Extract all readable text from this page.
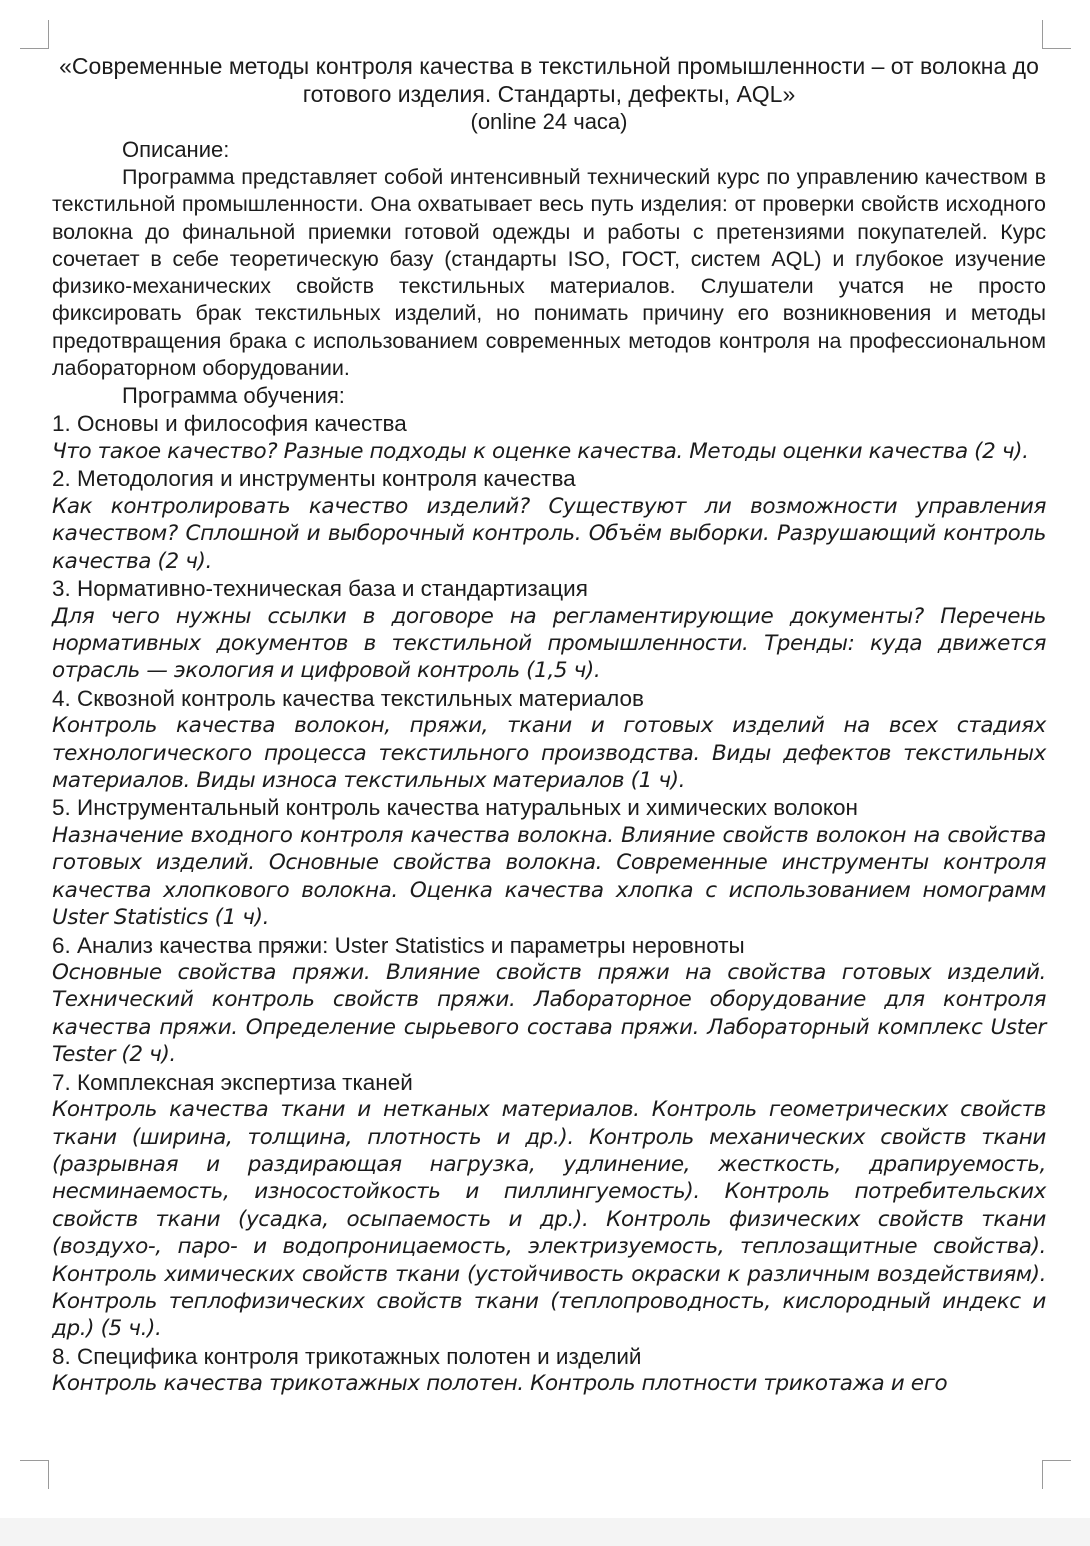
«Современные методы контроля качества в текстильной промышленности – от волокна до готового изделия. Стандарты, дефекты, AQL»

(online 24 часа)

Описание:

Программа представляет собой интенсивный технический курс по управлению качеством в текстильной промышленности. Она охватывает весь путь изделия: от проверки свойств исходного волокна до финальной приемки готовой одежды и работы с претензиями покупателей. Курс сочетает в себе теоретическую базу (стандарты ISO, ГОСТ, систем AQL) и глубокое изучение физико-механических свойств текстильных материалов. Слушатели учатся не просто фиксировать брак текстильных изделий, но понимать причину его возникновения и методы предотвращения брака с использованием современных методов контроля на профессиональном лабораторном оборудовании.

Программа обучения:

1. Основы и философия качества

Что такое качество? Разные подходы к оценке качества. Методы оценки качества (2 ч).

2. Методология и инструменты контроля качества

Как контролировать качество изделий? Существуют ли возможности управления качеством? Сплошной и выборочный контроль. Объём выборки. Разрушающий контроль качества (2 ч).

3. Нормативно-техническая база и стандартизация

Для чего нужны ссылки в договоре на регламентирующие документы? Перечень нормативных документов в текстильной промышленности. Тренды: куда движется отрасль — экология и цифровой контроль (1,5 ч).

4. Сквозной контроль качества текстильных материалов

Контроль качества волокон, пряжи, ткани и готовых изделий на всех стадиях технологического процесса текстильного производства. Виды дефектов текстильных материалов. Виды износа текстильных материалов (1 ч).

5. Инструментальный контроль качества натуральных и химических волокон

Назначение входного контроля качества волокна. Влияние свойств волокон на свойства готовых изделий. Основные свойства волокна. Современные инструменты контроля качества хлопкового волокна. Оценка качества хлопка с использованием номограмм Uster Statistics (1 ч).

6. Анализ качества пряжи: Uster Statistics и параметры неровноты

Основные свойства пряжи. Влияние свойств пряжи на свойства готовых изделий. Технический контроль свойств пряжи. Лабораторное оборудование для контроля качества пряжи. Определение сырьевого состава пряжи. Лабораторный комплекс Uster Tester (2 ч).

7. Комплексная экспертиза тканей

Контроль качества ткани и нетканых материалов. Контроль геометрических свойств ткани (ширина, толщина, плотность и др.). Контроль механических свойств ткани (разрывная и раздирающая нагрузка, удлинение, жесткость, драпируемость, несминаемость, износостойкость и пиллингуемость). Контроль потребительских свойств ткани (усадка, осыпаемость и др.). Контроль физических свойств ткани (воздухо-, паро- и водопроницаемость, электризуемость, теплозащитные свойства). Контроль химических свойств ткани (устойчивость окраски к различным воздействиям). Контроль теплофизических свойств ткани (теплопроводность, кислородный индекс и др.) (5 ч.).

8. Специфика контроля трикотажных полотен и изделий

Контроль качества трикотажных полотен. Контроль плотности трикотажа и его
